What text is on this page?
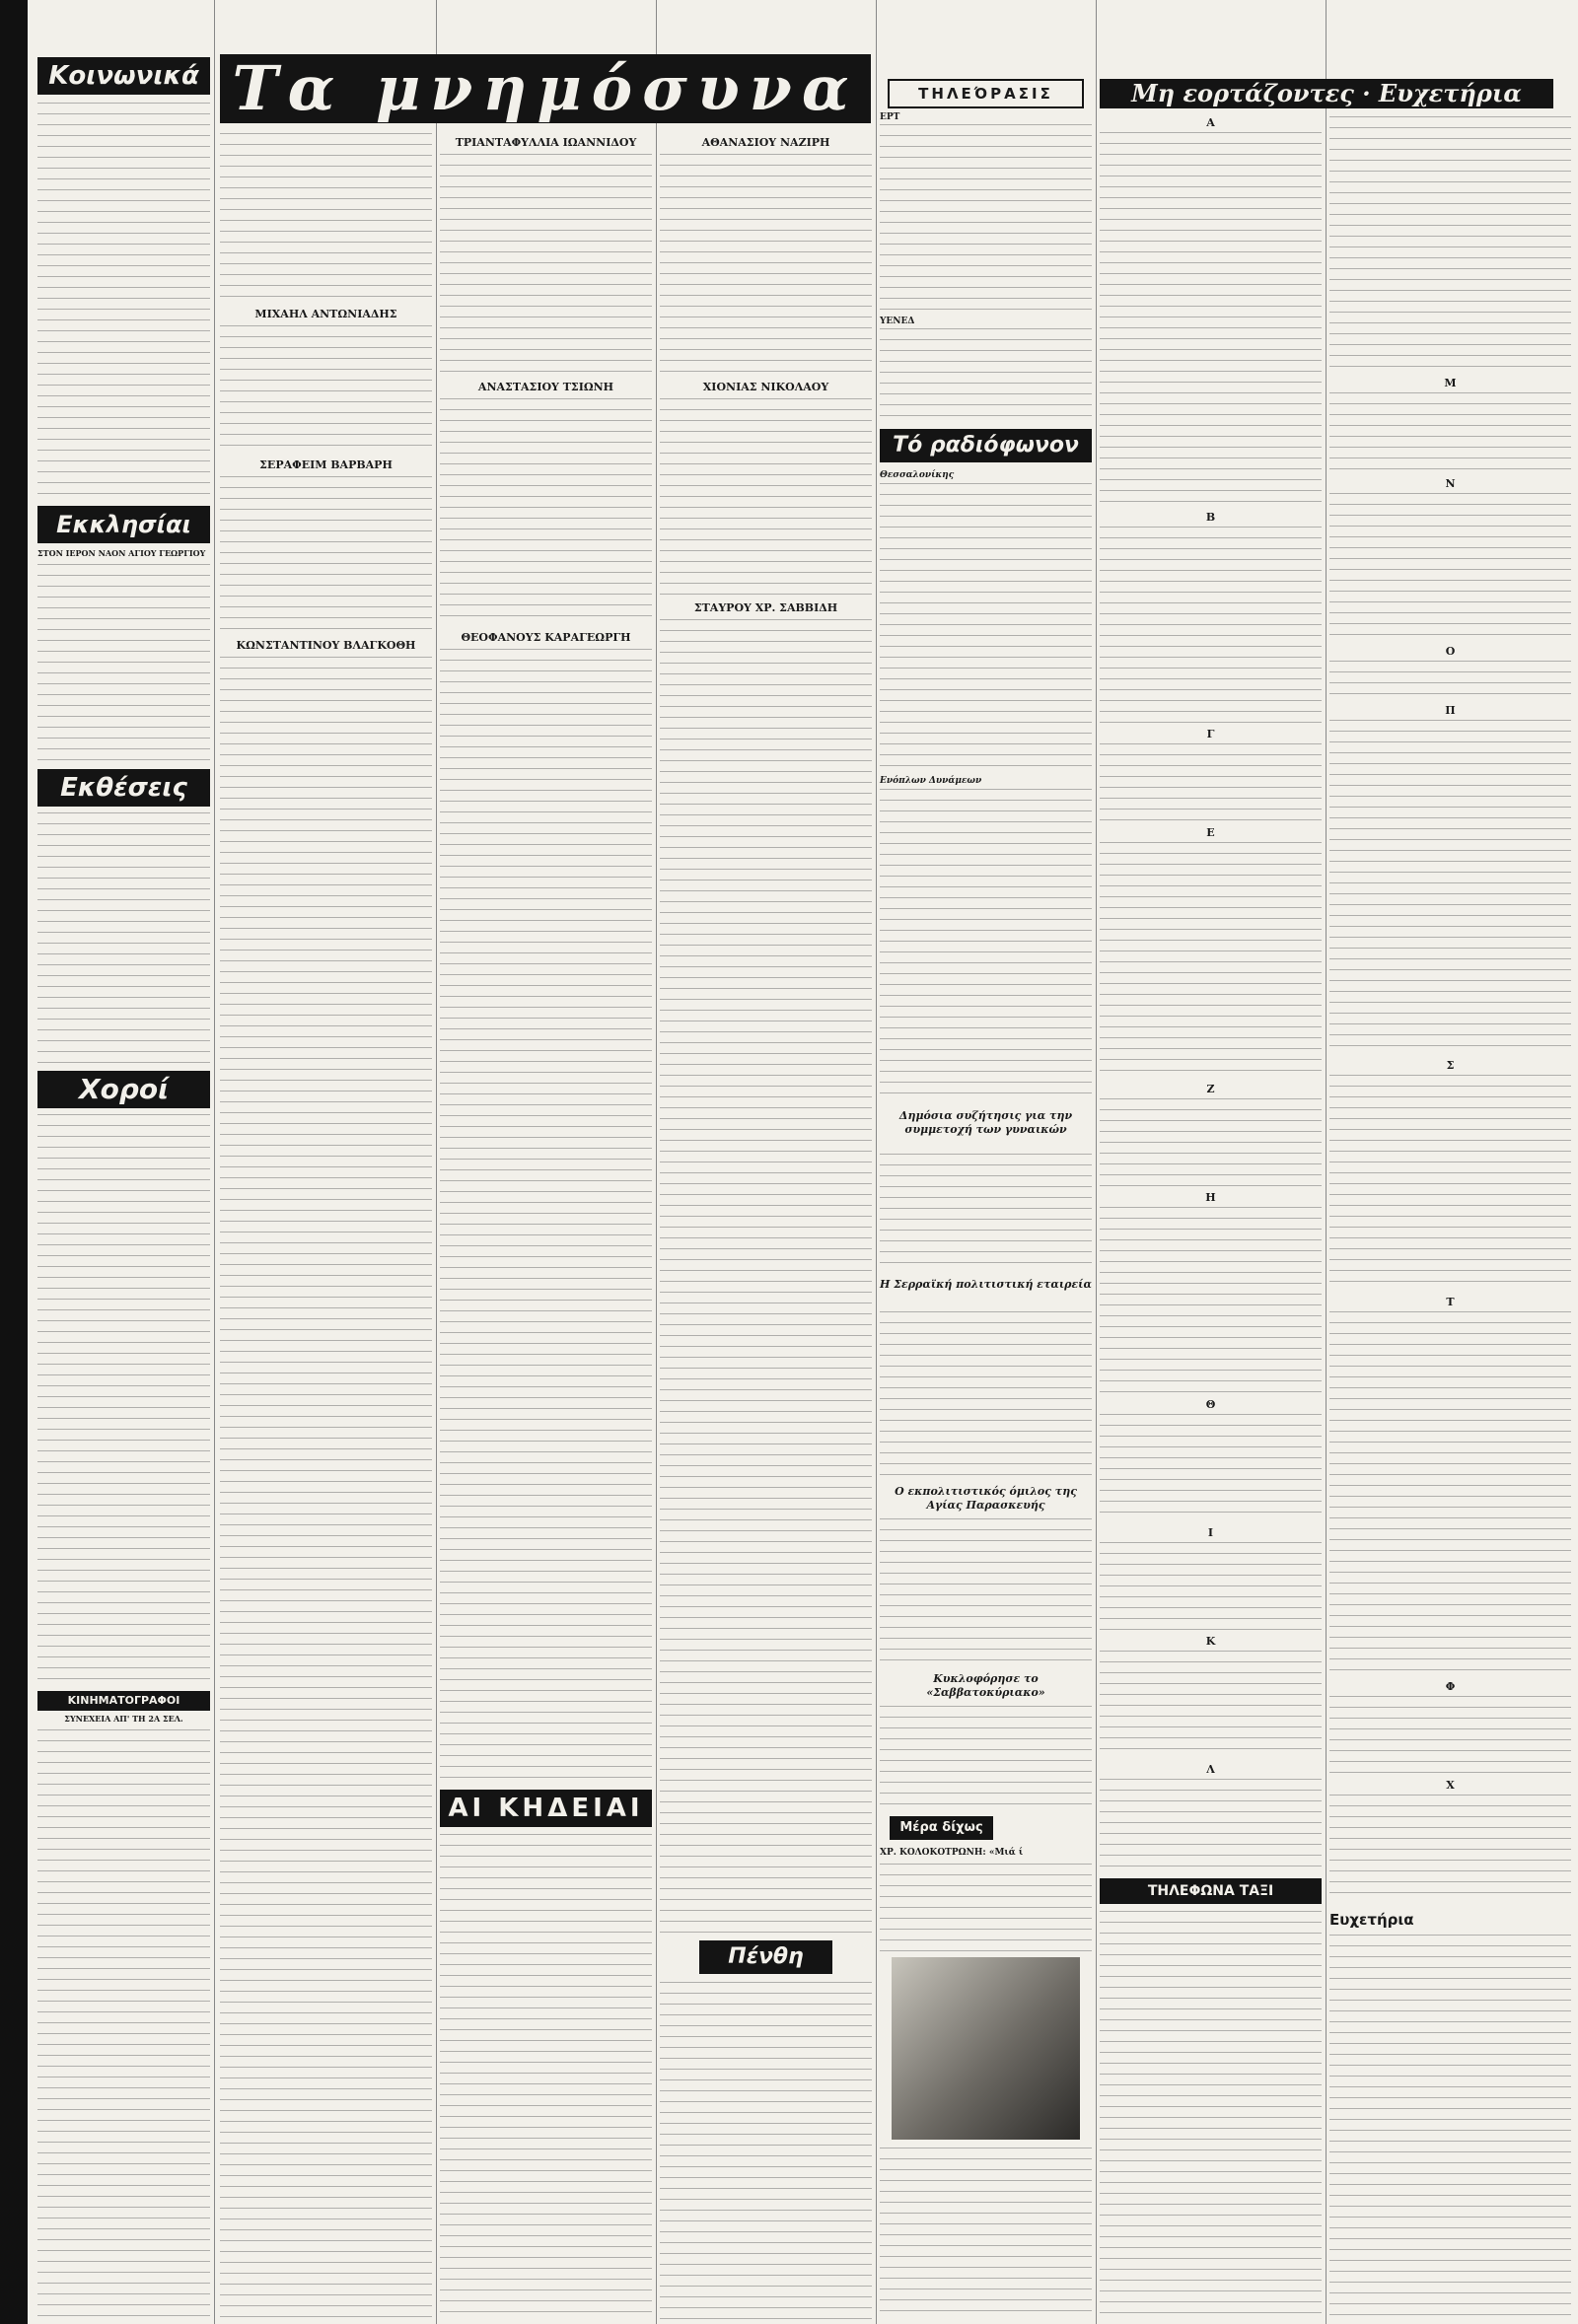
Κοινωνικά
Εκκλησίαι
ΣΤΟΝ ΙΕΡΟΝ ΝΑΟΝ ΑΓΙΟΥ ΓΕΩΡΓΙΟΥ
Εκθέσεις
Χοροί
ΚΙΝΗΜΑΤΟΓΡΑΦΟΙ
ΣΥΝΕΧΕΙΑ ΑΠ' ΤΗ 2Α ΣΕΛ.
Τα μνημόσυνα
ΜΙΧΑΗΛ ΑΝΤΩΝΙΑΔΗΣ
ΣΕΡΑΦΕΙΜ ΒΑΡΒΑΡΗ
ΚΩΝΣΤΑΝΤΙΝΟΥ ΒΛΑΓΚΟΘΗ
ΤΡΙΑΝΤΑΦΥΛΛΙΑ ΙΩΑΝΝΙΔΟΥ
ΑΝΑΣΤΑΣΙΟΥ ΤΣΙΩΝΗ
ΘΕΟΦΑΝΟΥΣ ΚΑΡΑΓΕΩΡΓΗ
ΑΙ ΚΗΔΕΙΑΙ
ΑΘΑΝΑΣΙΟΥ ΝΑΖΙΡΗ
ΧΙΟΝΙΑΣ ΝΙΚΟΛΑΟΥ
ΣΤΑΥΡΟΥ ΧΡ. ΣΑΒΒΙΔΗ
Πένθη
ΤΗΛΕΌΡΑΣΙΣ
ΕΡΤ
ΥΕΝΕΔ
Τό ραδιόφωνον
Θεσσαλονίκης
Ενόπλων Δυνάμεων
Δημόσια συζήτησις για την συμμετοχή των γυναικών
Η Σερραϊκή πολιτιστική εταιρεία
Ο εκπολιτιστικός όμιλος της Αγίας Παρασκευής
Κυκλοφόρησε το «Σαββατοκύριακο»
Μέρα δίχως
ΧΡ. ΚΟΛΟΚΟΤΡΩΝΗ: «Μιά ί
Μη εορτάζοντες · Ευχετήρια
Α
Β
Γ
Ε
Ζ
Η
Θ
Ι
Κ
Λ
ΤΗΛΕΦΩΝΑ ΤΑΞΙ
Μ
Ν
Ο
Π
Σ
Τ
Φ
Χ
Ευχετήρια
